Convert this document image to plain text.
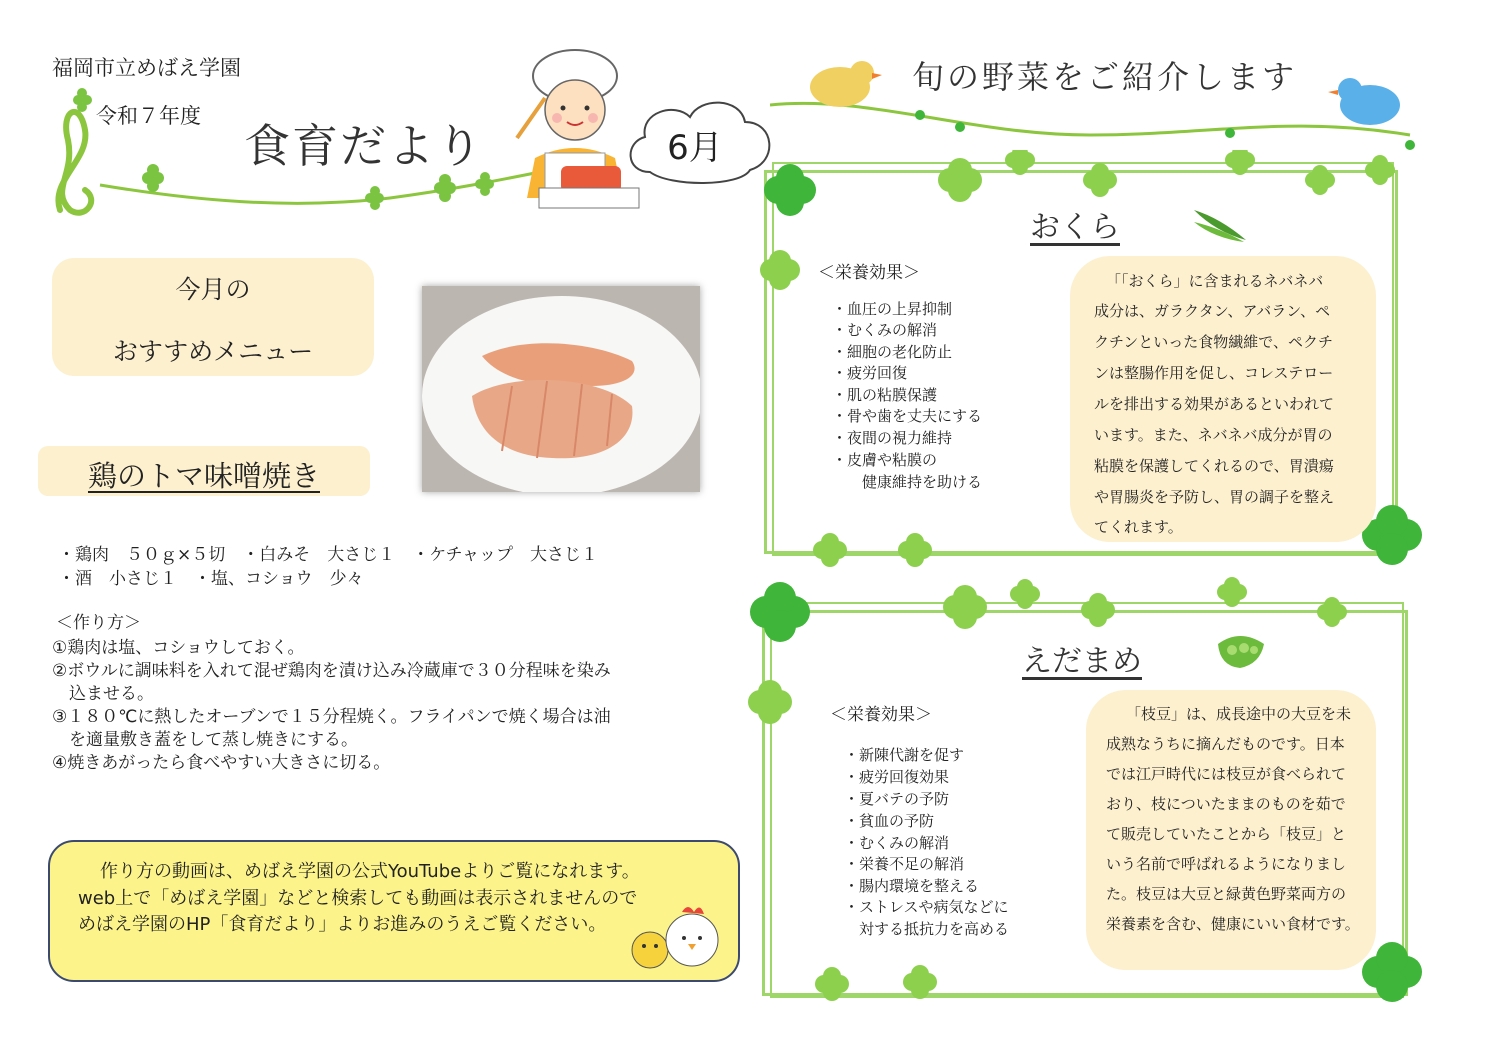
福岡市立めばえ学園
令和７年度
食育だより	6月
旬の野菜をご紹介します
今月の
おすすめメニュー
鶏のトマ味噌焼き
・鶏肉　５０ｇ×５切　・白みそ　大さじ１　・ケチャップ　大さじ１
・酒　小さじ１　・塩、コショウ　少々
＜作り方＞
①鶏肉は塩、コショウしておく。
②ボウルに調味料を入れて混ぜ鶏肉を漬け込み冷蔵庫で３０分程味を染み
　込ませる。
③１８０℃に熱したオーブンで１５分程焼く。フライパンで焼く場合は油
　を適量敷き蓋をして蒸し焼きにする。
④焼きあがったら食べやすい大きさに切る。
作り方の動画は、めばえ学園の公式YouTubeよりご覧になれます。
web上で「めばえ学園」などと検索しても動画は表示されませんので
めばえ学園のHP「食育だより」よりお進みのうえご覧ください。
おくら
＜栄養効果＞
・血圧の上昇抑制
・むくみの解消
・細胞の老化防止
・疲労回復
・肌の粘膜保護
・骨や歯を丈夫にする
・夜間の視力維持
・皮膚や粘膜の
　　健康維持を助ける
「「おくら」に含まれるネバネバ
成分は、ガラクタン、アバラン、ペ
クチンといった食物繊維で、ペクチ
ンは整腸作用を促し、コレステロー
ルを排出する効果があるといわれて
います。また、ネバネバ成分が胃の
粘膜を保護してくれるので、胃潰瘍
や胃腸炎を予防し、胃の調子を整え
てくれます。
えだまめ
＜栄養効果＞
・新陳代謝を促す
・疲労回復効果
・夏バテの予防
・貧血の予防
・むくみの解消
・栄養不足の解消
・腸内環境を整える
・ストレスや病気などに
　対する抵抗力を高める
「枝豆」は、成長途中の大豆を未
成熟なうちに摘んだものです。日本
では江戸時代には枝豆が食べられて
おり、枝についたままのものを茹で
て販売していたことから「枝豆」と
いう名前で呼ばれるようになりまし
た。枝豆は大豆と緑黄色野菜両方の
栄養素を含む、健康にいい食材です。
